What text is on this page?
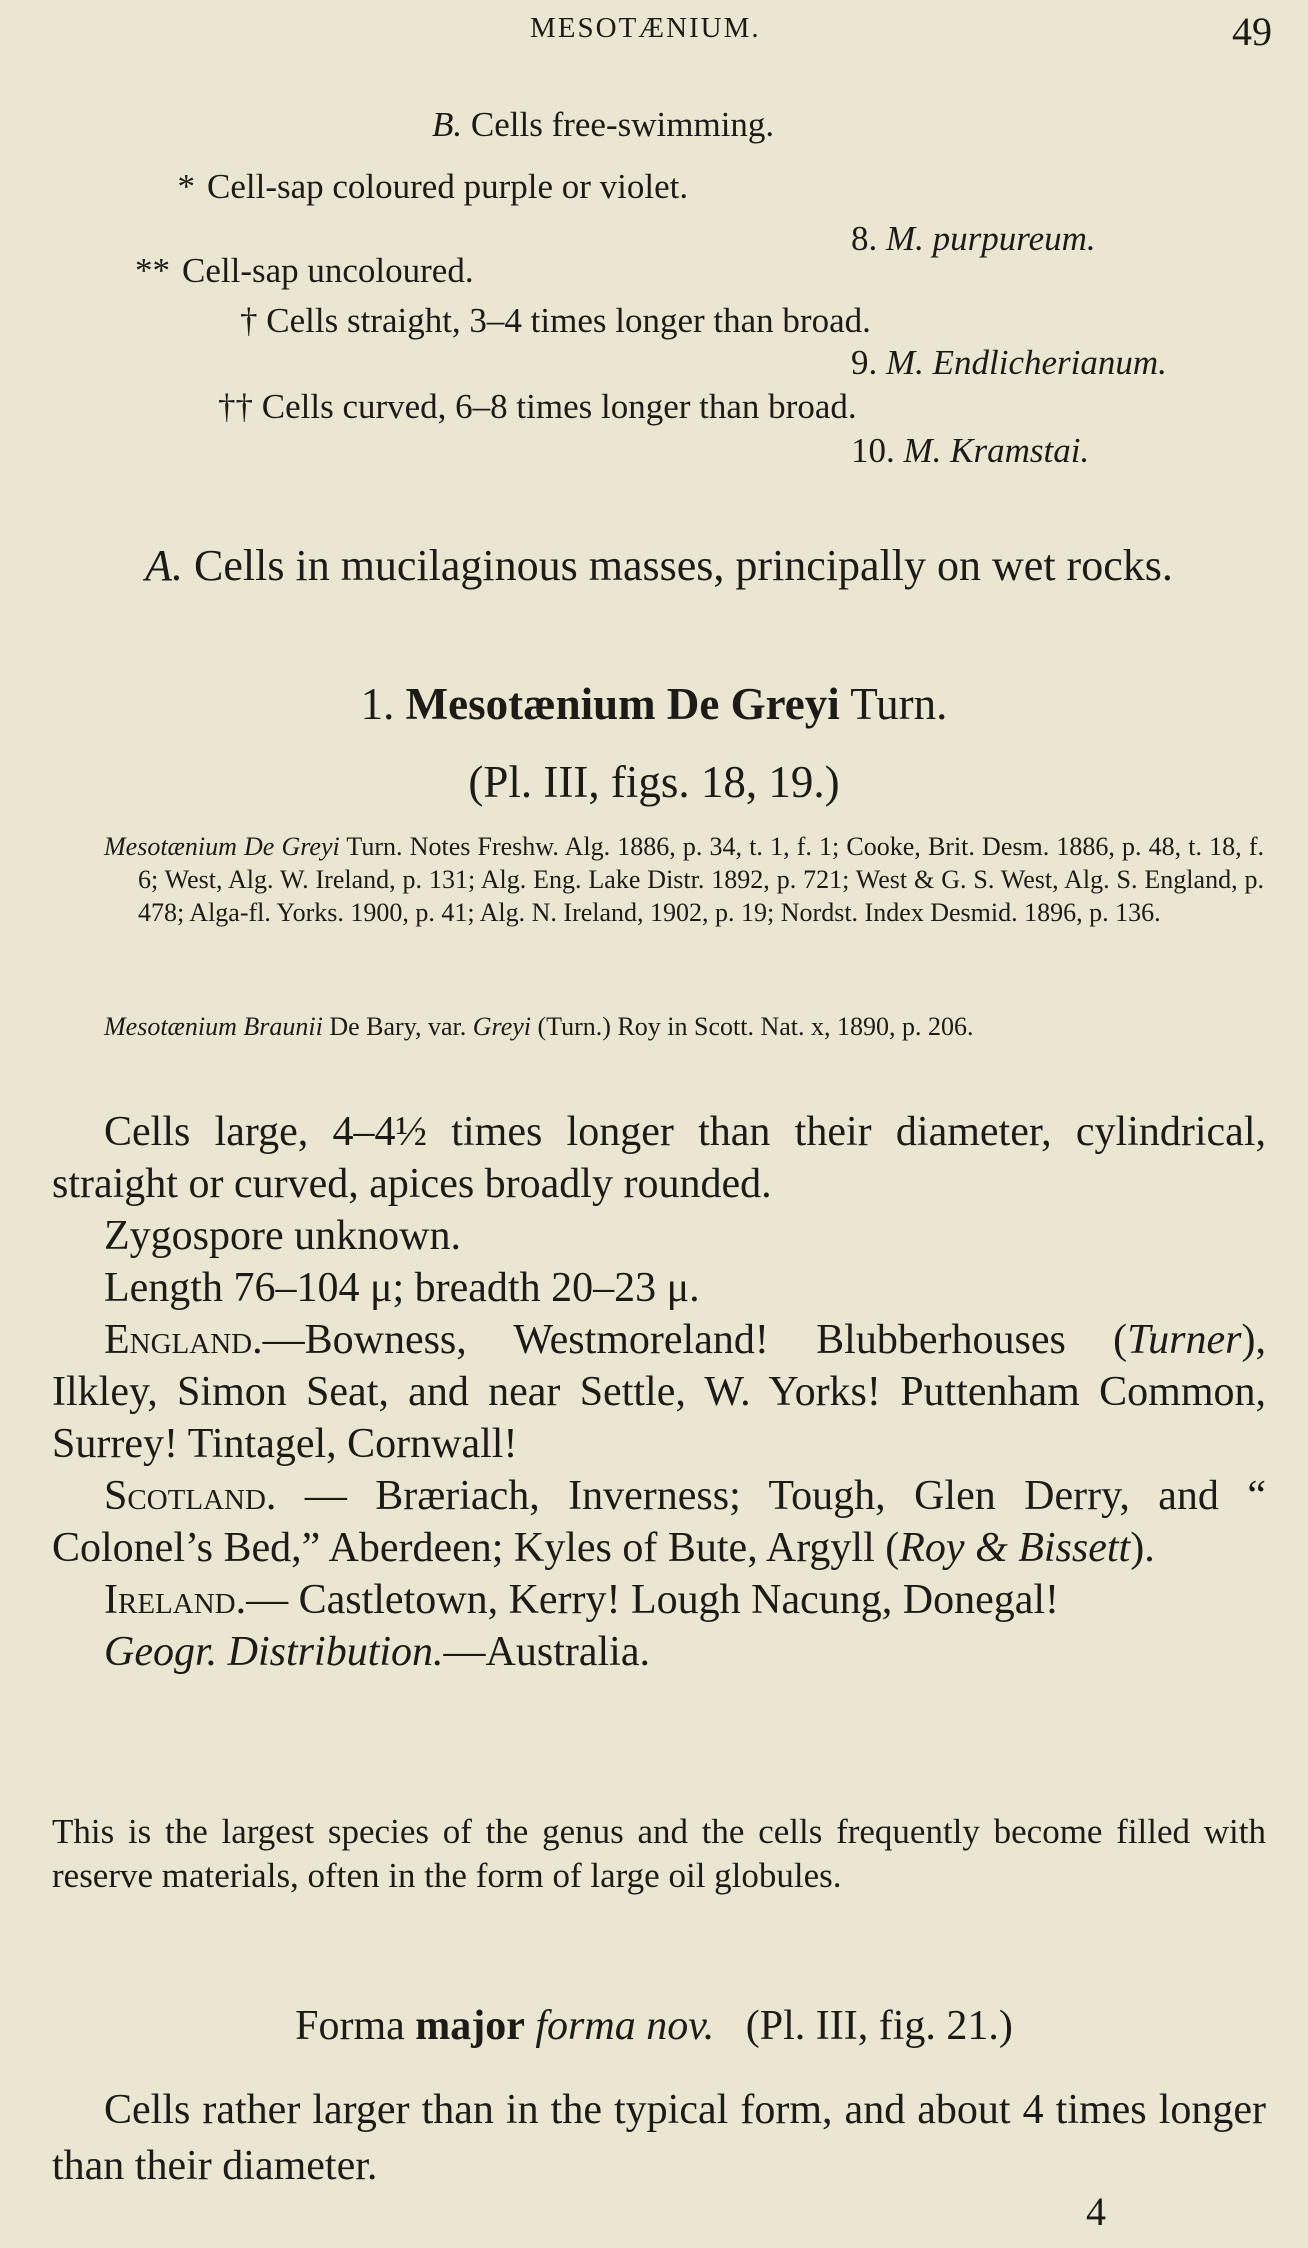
MESOTÆNIUM.	49
B. Cells free-swimming.
* Cell-sap coloured purple or violet.
8. M. purpureum.
** Cell-sap uncoloured.
† Cells straight, 3–4 times longer than broad.
9. M. Endlicherianum.
†† Cells curved, 6–8 times longer than broad.
10. M. Kramstai.
A. Cells in mucilaginous masses, principally on wet rocks.
1. Mesotænium De Greyi Turn.
(Pl. III, figs. 18, 19.)

Mesotænium De Greyi Turn. Notes Freshw. Alg. 1886, p. 34, t. 1, f. 1; Cooke, Brit. Desm. 1886, p. 48, t. 18, f. 6; West, Alg. W. Ireland, p. 131; Alg. Eng. Lake Distr. 1892, p. 721; West & G. S. West, Alg. S. England, p. 478; Alga-fl. Yorks. 1900, p. 41; Alg. N. Ireland, 1902, p. 19; Nordst. Index Desmid. 1896, p. 136.

Mesotænium Braunii De Bary, var. Greyi (Turn.) Roy in Scott. Nat. x, 1890, p. 206.

Cells large, 4–4½ times longer than their diameter, cylindrical, straight or curved, apices broadly rounded.

Zygospore unknown.

Length 76–104 μ; breadth 20–23 μ.

England.—Bowness, Westmoreland! Blubberhouses (Turner), Ilkley, Simon Seat, and near Settle, W. Yorks! Puttenham Common, Surrey! Tintagel, Cornwall!

Scotland. — Bræriach, Inverness; Tough, Glen Derry, and “ Colonel’s Bed,” Aberdeen; Kyles of Bute, Argyll (Roy & Bissett).

Ireland.— Castletown, Kerry! Lough Nacung, Donegal!

Geogr. Distribution.—Australia.

This is the largest species of the genus and the cells frequently become filled with reserve materials, often in the form of large oil globules.
Forma major forma nov. (Pl. III, fig. 21.)
Cells rather larger than in the typical form, and about 4 times longer than their diameter.
4
